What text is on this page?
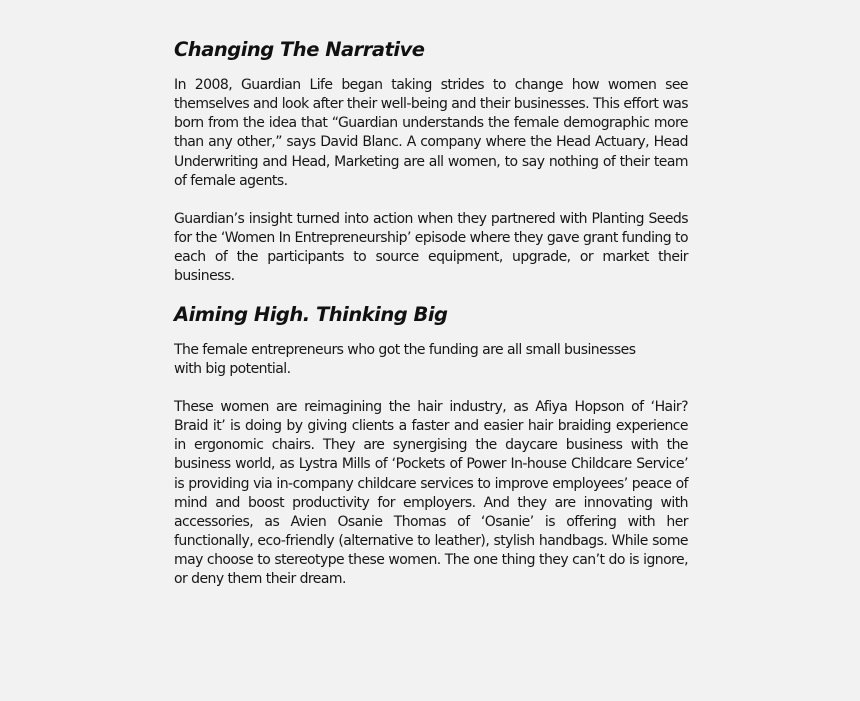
Changing The Narrative

In 2008, Guardian Life began taking strides to change how women see themselves and look after their well-being and their businesses. This effort was born from the idea that “Guardian understands the female demographic more than any other,” says David Blanc. A company where the Head Actuary, Head Underwriting and Head, Marketing are all women, to say nothing of their team of female agents.

Guardian’s insight turned into action when they partnered with Planting Seeds for the ‘Women In Entrepreneurship’ episode where they gave grant funding to each of the participants to source equipment, upgrade, or market their business.

Aiming High. Thinking Big

The female entrepreneurs who got the funding are all small businesses with big potential.

These women are reimagining the hair industry, as Afiya Hopson of ‘Hair? Braid it’ is doing by giving clients a faster and easier hair braiding experience in ergonomic chairs. They are synergising the daycare business with the business world, as Lystra Mills of ‘Pockets of Power In-house Childcare Service’ is providing via in-company childcare services to improve employees’ peace of mind and boost productivity for employers. And they are innovating with accessories, as Avien Osanie Thomas of ‘Osanie’ is offering with her functionally, eco-friendly (alternative to leather), stylish handbags. While some may choose to stereotype these women. The one thing they can’t do is ignore, or deny them their dream.
